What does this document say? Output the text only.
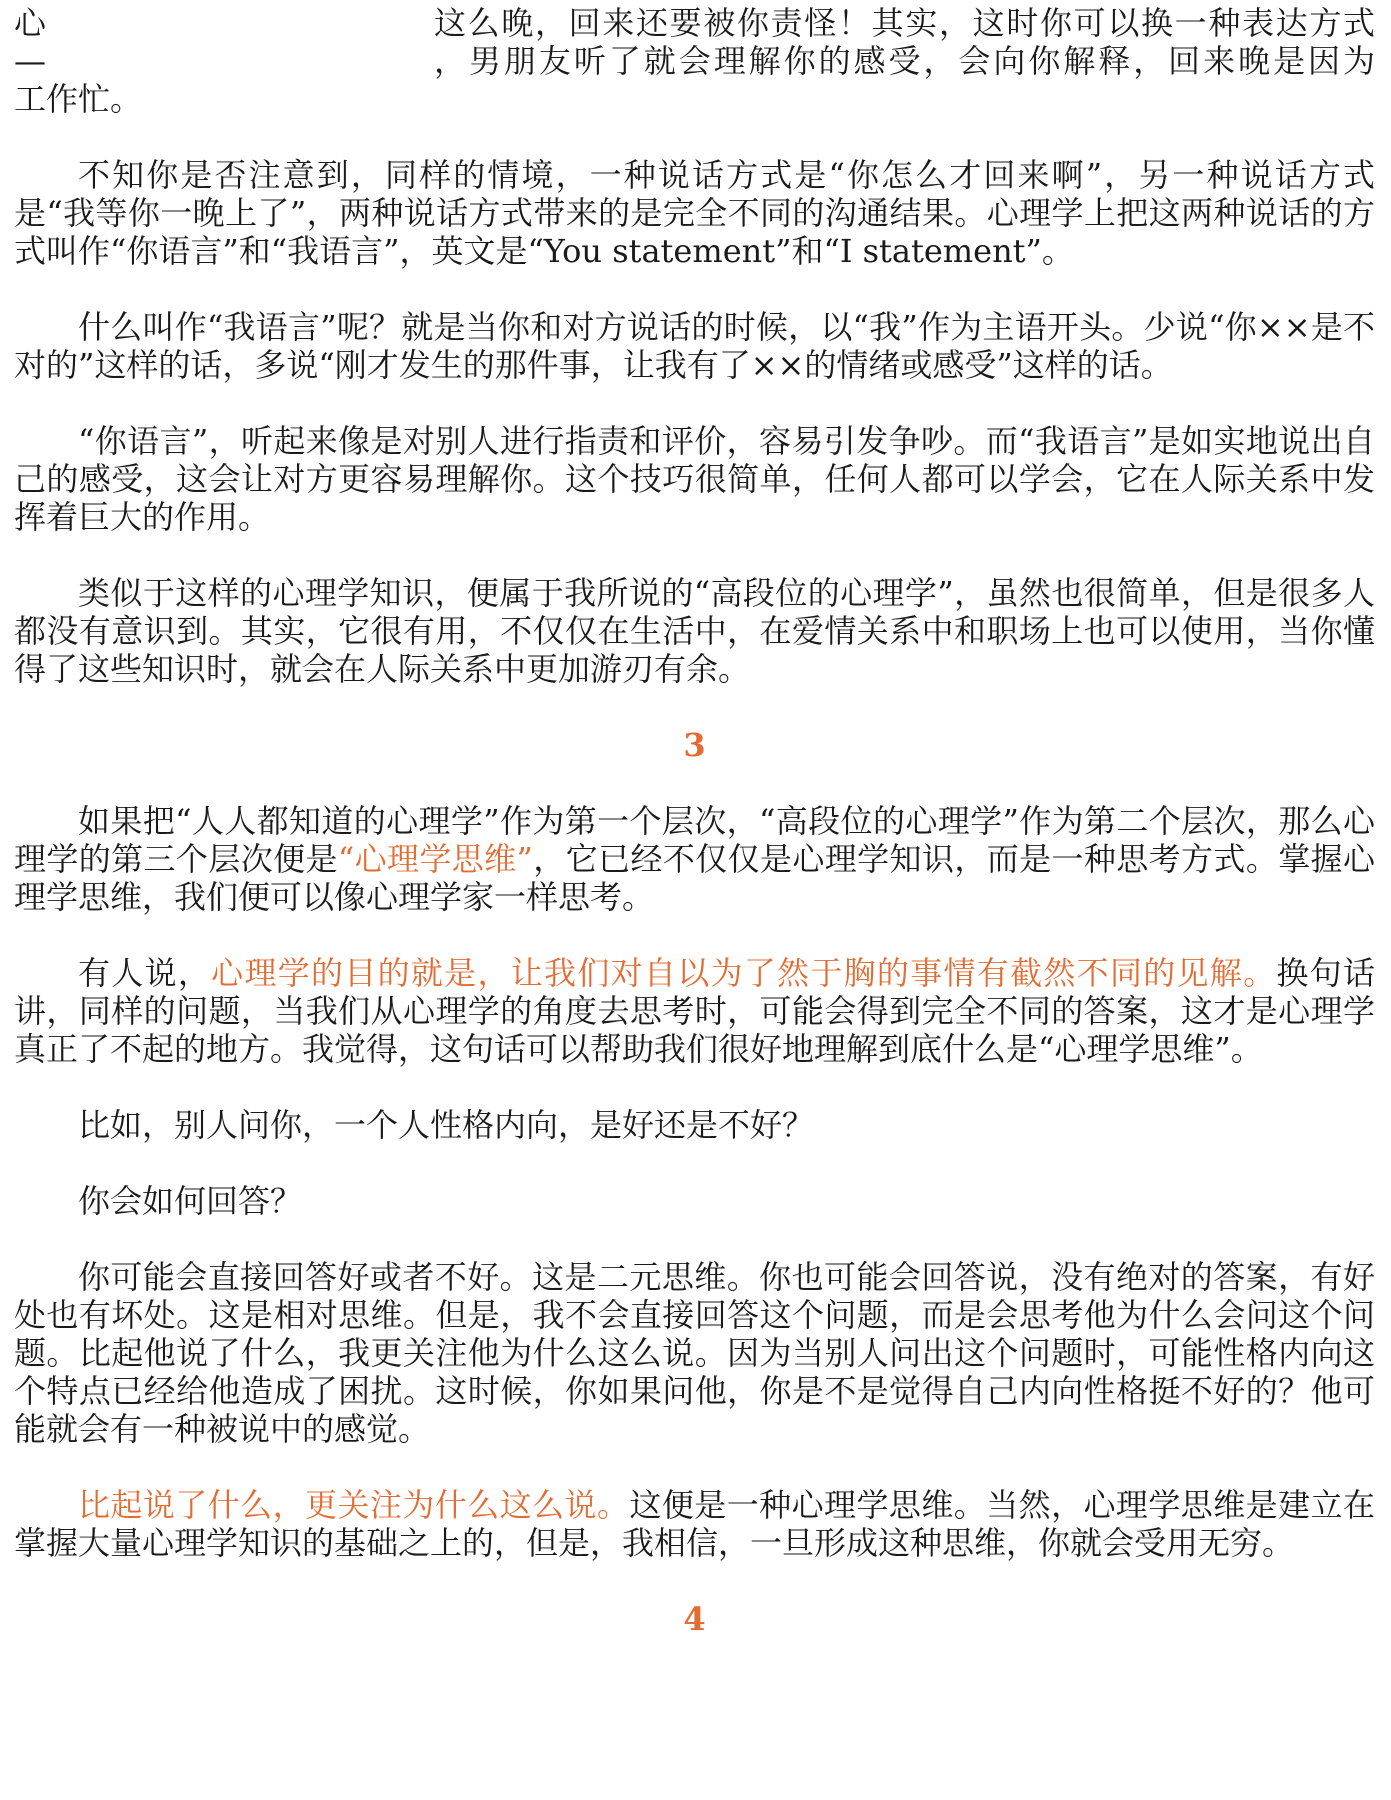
心	这么晚，回来还要被你责怪！其实，这时你可以换一种表达方式
—	，男朋友听了就会理解你的感受，会向你解释，回来晚是因为

工作忙。

不知你是否注意到，同样的情境，一种说话方式是“你怎么才回来啊”，另一种说话方式是“我等你一晚上了”，两种说话方式带来的是完全不同的沟通结果。心理学上把这两种说话的方式叫作“你语言”和“我语言”，英文是“You statement”和“I statement”。

什么叫作“我语言”呢？就是当你和对方说话的时候，以“我”作为主语开头。少说“你××是不对的”这样的话，多说“刚才发生的那件事，让我有了××的情绪或感受”这样的话。

“你语言”，听起来像是对别人进行指责和评价，容易引发争吵。而“我语言”是如实地说出自己的感受，这会让对方更容易理解你。这个技巧很简单，任何人都可以学会，它在人际关系中发挥着巨大的作用。

类似于这样的心理学知识，便属于我所说的“高段位的心理学”，虽然也很简单，但是很多人都没有意识到。其实，它很有用，不仅仅在生活中，在爱情关系中和职场上也可以使用，当你懂得了这些知识时，就会在人际关系中更加游刃有余。

3

如果把“人人都知道的心理学”作为第一个层次，“高段位的心理学”作为第二个层次，那么心理学的第三个层次便是“心理学思维”，它已经不仅仅是心理学知识，而是一种思考方式。掌握心理学思维，我们便可以像心理学家一样思考。

有人说，心理学的目的就是，让我们对自以为了然于胸的事情有截然不同的见解。换句话讲，同样的问题，当我们从心理学的角度去思考时，可能会得到完全不同的答案，这才是心理学真正了不起的地方。我觉得，这句话可以帮助我们很好地理解到底什么是“心理学思维”。

比如，别人问你，一个人性格内向，是好还是不好？

你会如何回答？

你可能会直接回答好或者不好。这是二元思维。你也可能会回答说，没有绝对的答案，有好处也有坏处。这是相对思维。但是，我不会直接回答这个问题，而是会思考他为什么会问这个问题。比起他说了什么，我更关注他为什么这么说。因为当别人问出这个问题时，可能性格内向这个特点已经给他造成了困扰。这时候，你如果问他，你是不是觉得自己内向性格挺不好的？他可能就会有一种被说中的感觉。

比起说了什么，更关注为什么这么说。这便是一种心理学思维。当然，心理学思维是建立在掌握大量心理学知识的基础之上的，但是，我相信，一旦形成这种思维，你就会受用无穷。

4
